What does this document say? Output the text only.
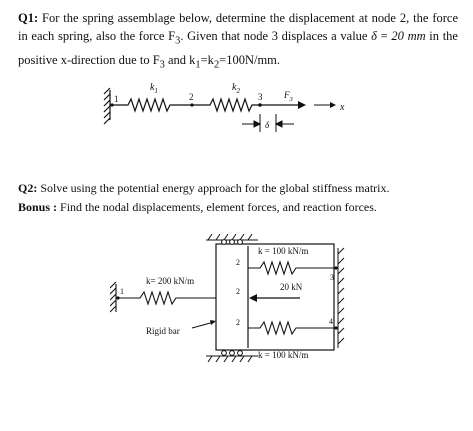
Q1: For the spring assemblage below, determine the displacement at node 2, the force in each spring, also the force $F_3$. Given that node 3 displaces a value δ = 20 mm in the positive x-direction due to $F_3$ and $k_1=k_2=100N/mm$.
$k_1$	$k_2$
1	2	3 $F_3$
x
δ
Q2: Solve using the potential energy approach for the global stiffness matrix.
Bonus : Find the nodal displacements, element forces, and reaction forces.
k = 100 kN/m
k= 200 kN/m
k = 100 kN/m
20 kN
Rigid bar
1
2
2
2
3
4
